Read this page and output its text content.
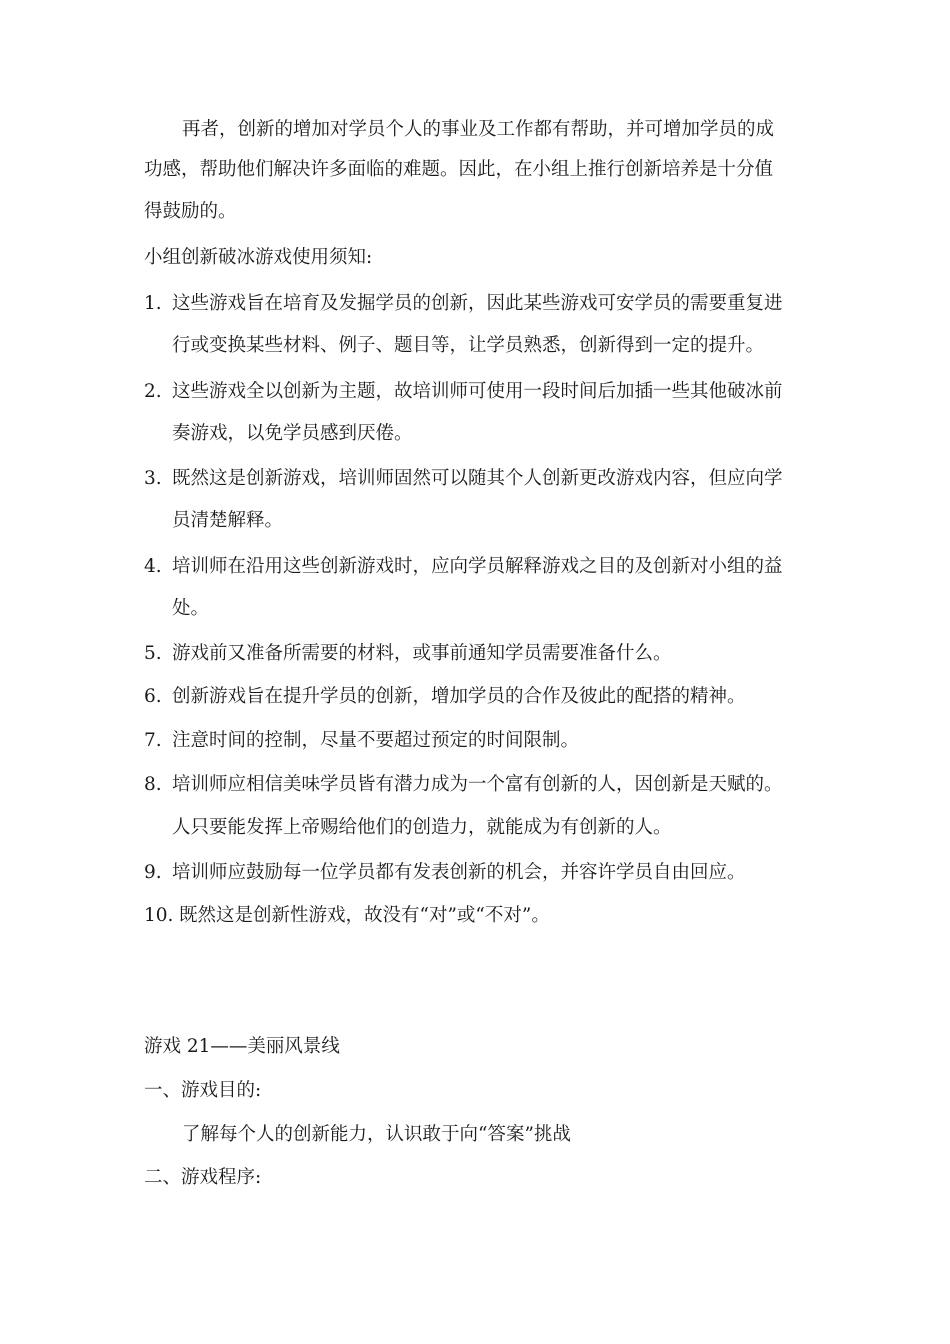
再者，创新的增加对学员个人的事业及工作都有帮助，并可增加学员的成
功感，帮助他们解决许多面临的难题。因此，在小组上推行创新培养是十分值
得鼓励的。
小组创新破冰游戏使用须知:
1. 这些游戏旨在培育及发掘学员的创新，因此某些游戏可安学员的需要重复进
行或变换某些材料、例子、题目等，让学员熟悉，创新得到一定的提升。
2. 这些游戏全以创新为主题，故培训师可使用一段时间后加插一些其他破冰前
奏游戏，以免学员感到厌倦。
3. 既然这是创新游戏，培训师固然可以随其个人创新更改游戏内容，但应向学
员清楚解释。
4. 培训师在沿用这些创新游戏时，应向学员解释游戏之目的及创新对小组的益
处。
5. 游戏前又准备所需要的材料，或事前通知学员需要准备什么。
6. 创新游戏旨在提升学员的创新，增加学员的合作及彼此的配搭的精神。
7. 注意时间的控制，尽量不要超过预定的时间限制。
8. 培训师应相信美味学员皆有潜力成为一个富有创新的人，因创新是天赋的。
人只要能发挥上帝赐给他们的创造力，就能成为有创新的人。
9. 培训师应鼓励每一位学员都有发表创新的机会，并容许学员自由回应。
10. 既然这是创新性游戏，故没有“对”或“不对”。
游戏 21——美丽风景线
一、游戏目的:
了解每个人的创新能力，认识敢于向“答案”挑战
二、游戏程序:
